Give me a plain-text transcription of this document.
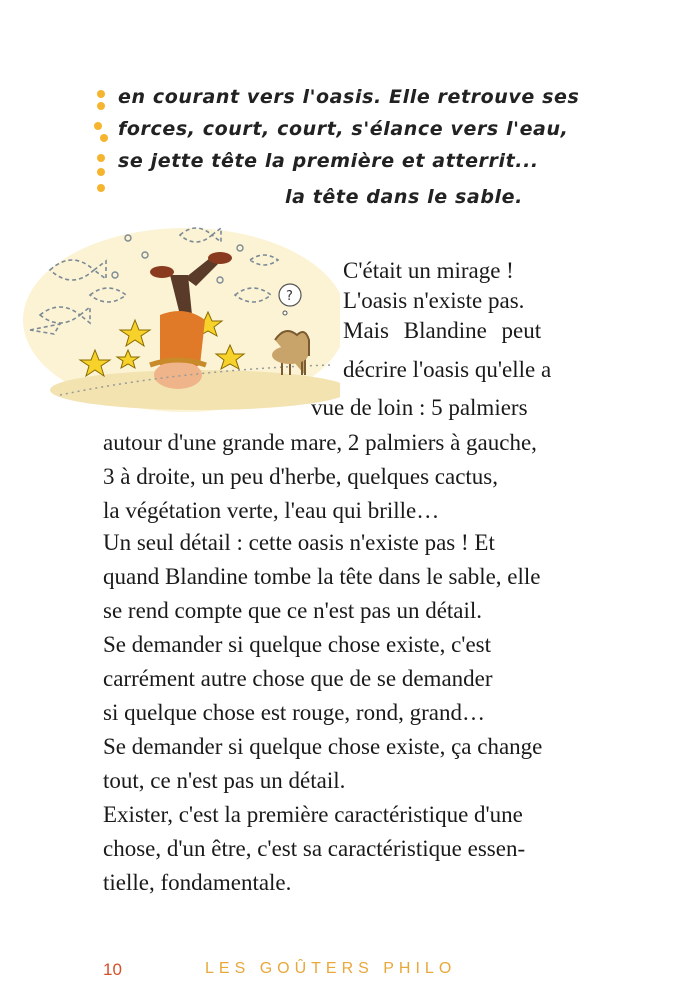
en courant vers l'oasis. Elle retrouve ses
forces, court, court, s'élance vers l'eau,
se jette tête la première et atterrit...
la tête dans le sable.
?
C'était un mirage !
L'oasis n'existe pas.
Mais Blandine peut
décrire l'oasis qu'elle a
vue de loin : 5 palmiers
autour d'une grande mare, 2 palmiers à gauche,
3 à droite, un peu d'herbe, quelques cactus,
la végétation verte, l'eau qui brille…
Un seul détail : cette oasis n'existe pas ! Et
quand Blandine tombe la tête dans le sable, elle
se rend compte que ce n'est pas un détail.
Se demander si quelque chose existe, c'est
carrément autre chose que de se demander
si quelque chose est rouge, rond, grand…
Se demander si quelque chose existe, ça change
tout, ce n'est pas un détail.
Exister, c'est la première caractéristique d'une
chose, d'un être, c'est sa caractéristique essen-
tielle, fondamentale.
10	LES GOÛTERS PHILO
